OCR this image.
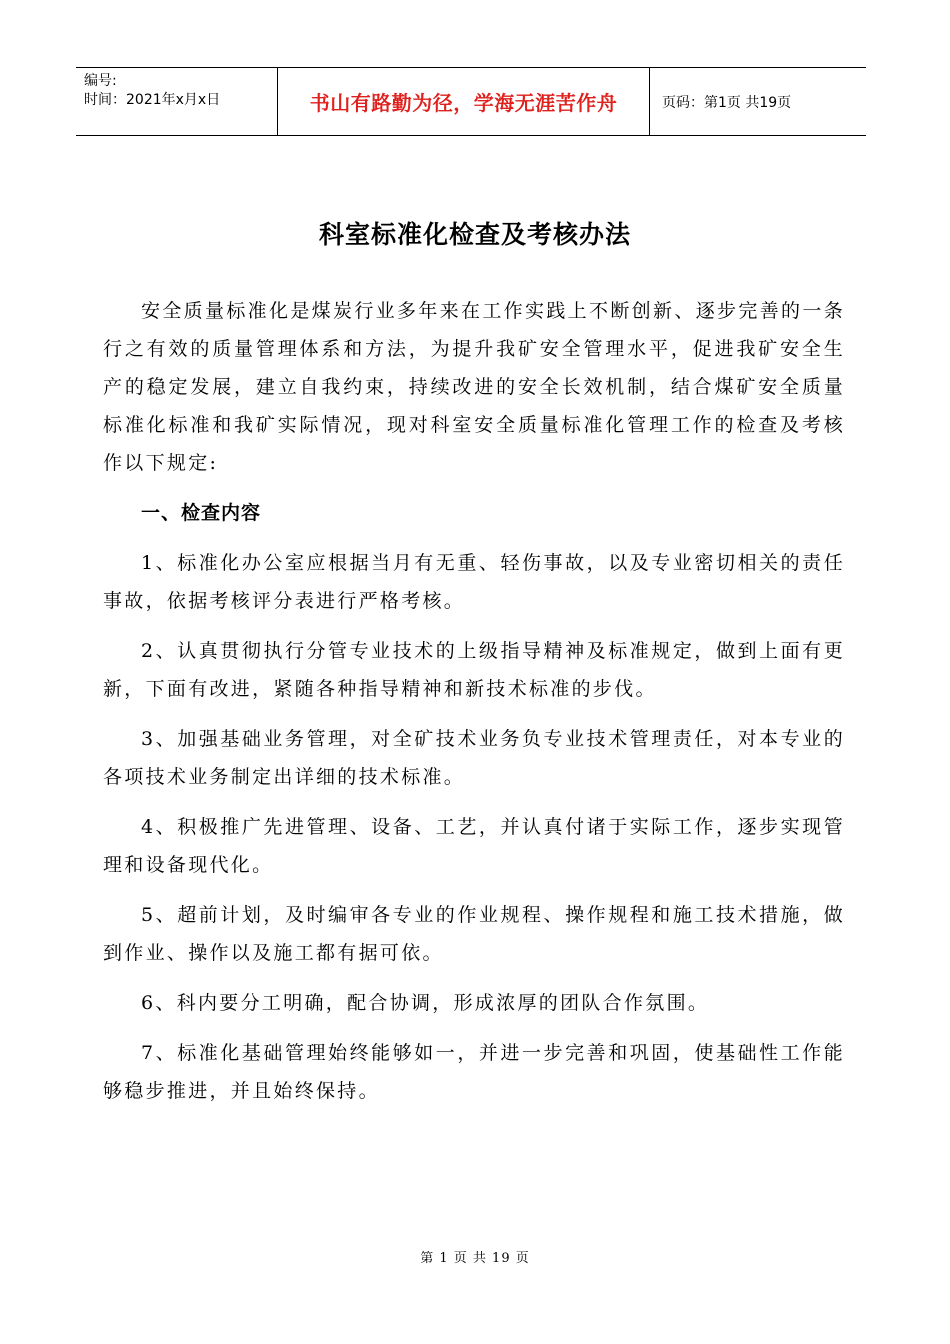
编号:
时间：2021年x月x日	书山有路勤为径，学海无涯苦作舟	页码：第1页 共19页
科室标准化检查及考核办法

安全质量标准化是煤炭行业多年来在工作实践上不断创新、逐步完善的一条行之有效的质量管理体系和方法，为提升我矿安全管理水平，促进我矿安全生产的稳定发展，建立自我约束，持续改进的安全长效机制，结合煤矿安全质量标准化标准和我矿实际情况，现对科室安全质量标准化管理工作的检查及考核作以下规定:

一、检查内容

1、标准化办公室应根据当月有无重、轻伤事故，以及专业密切相关的责任事故，依据考核评分表进行严格考核。

2、认真贯彻执行分管专业技术的上级指导精神及标准规定，做到上面有更新，下面有改进，紧随各种指导精神和新技术标准的步伐。

3、加强基础业务管理，对全矿技术业务负专业技术管理责任，对本专业的各项技术业务制定出详细的技术标准。

4、积极推广先进管理、设备、工艺，并认真付诸于实际工作，逐步实现管理和设备现代化。

5、超前计划，及时编审各专业的作业规程、操作规程和施工技术措施，做到作业、操作以及施工都有据可依。

6、科内要分工明确，配合协调，形成浓厚的团队合作氛围。

7、标准化基础管理始终能够如一，并进一步完善和巩固，使基础性工作能够稳步推进，并且始终保持。

第 1 页 共 19 页
